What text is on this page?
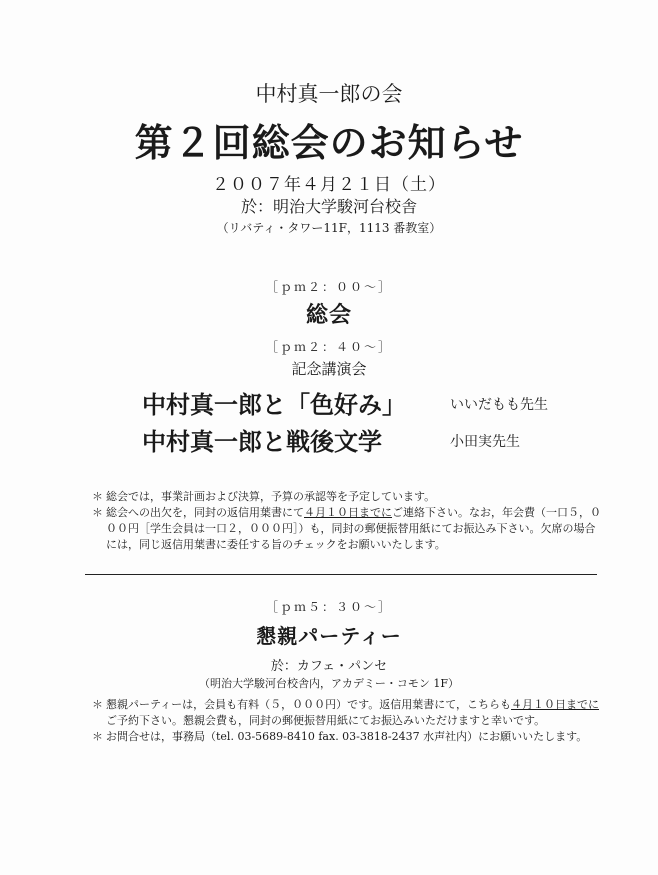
中村真一郎の会
第２回総会のお知らせ
２００７年４月２１日（土）
於：明治大学駿河台校舎
（リバティ・タワー11F，1113 番教室）
［ｐｍ２：００～］
総会
［ｐｍ２：４０～］
記念講演会
中村真一郎と「色好み」	いいだもも先生
中村真一郎と戦後文学	小田実先生
＊ 総会では，事業計画および決算，予算の承認等を予定しています。
＊ 総会への出欠を，同封の返信用葉書にて４月１０日までにご連絡下さい。なお，年会費（一口５，０００円［学生会員は一口２，０００円］）も，同封の郵便振替用紙にてお振込み下さい。欠席の場合には，同じ返信用葉書に委任する旨のチェックをお願いいたします。
［ｐｍ５：３０～］
懇親パーティー
於：カフェ・パンセ
（明治大学駿河台校舎内，アカデミー・コモン 1F）
＊ 懇親パーティーは，会員も有料（５，０００円）です。返信用葉書にて，こちらも４月１０日までにご予約下さい。懇親会費も，同封の郵便振替用紙にてお振込みいただけますと幸いです。
＊ お問合せは，事務局（tel. 03-5689-8410 fax. 03-3818-2437 水声社内）にお願いいたします。
